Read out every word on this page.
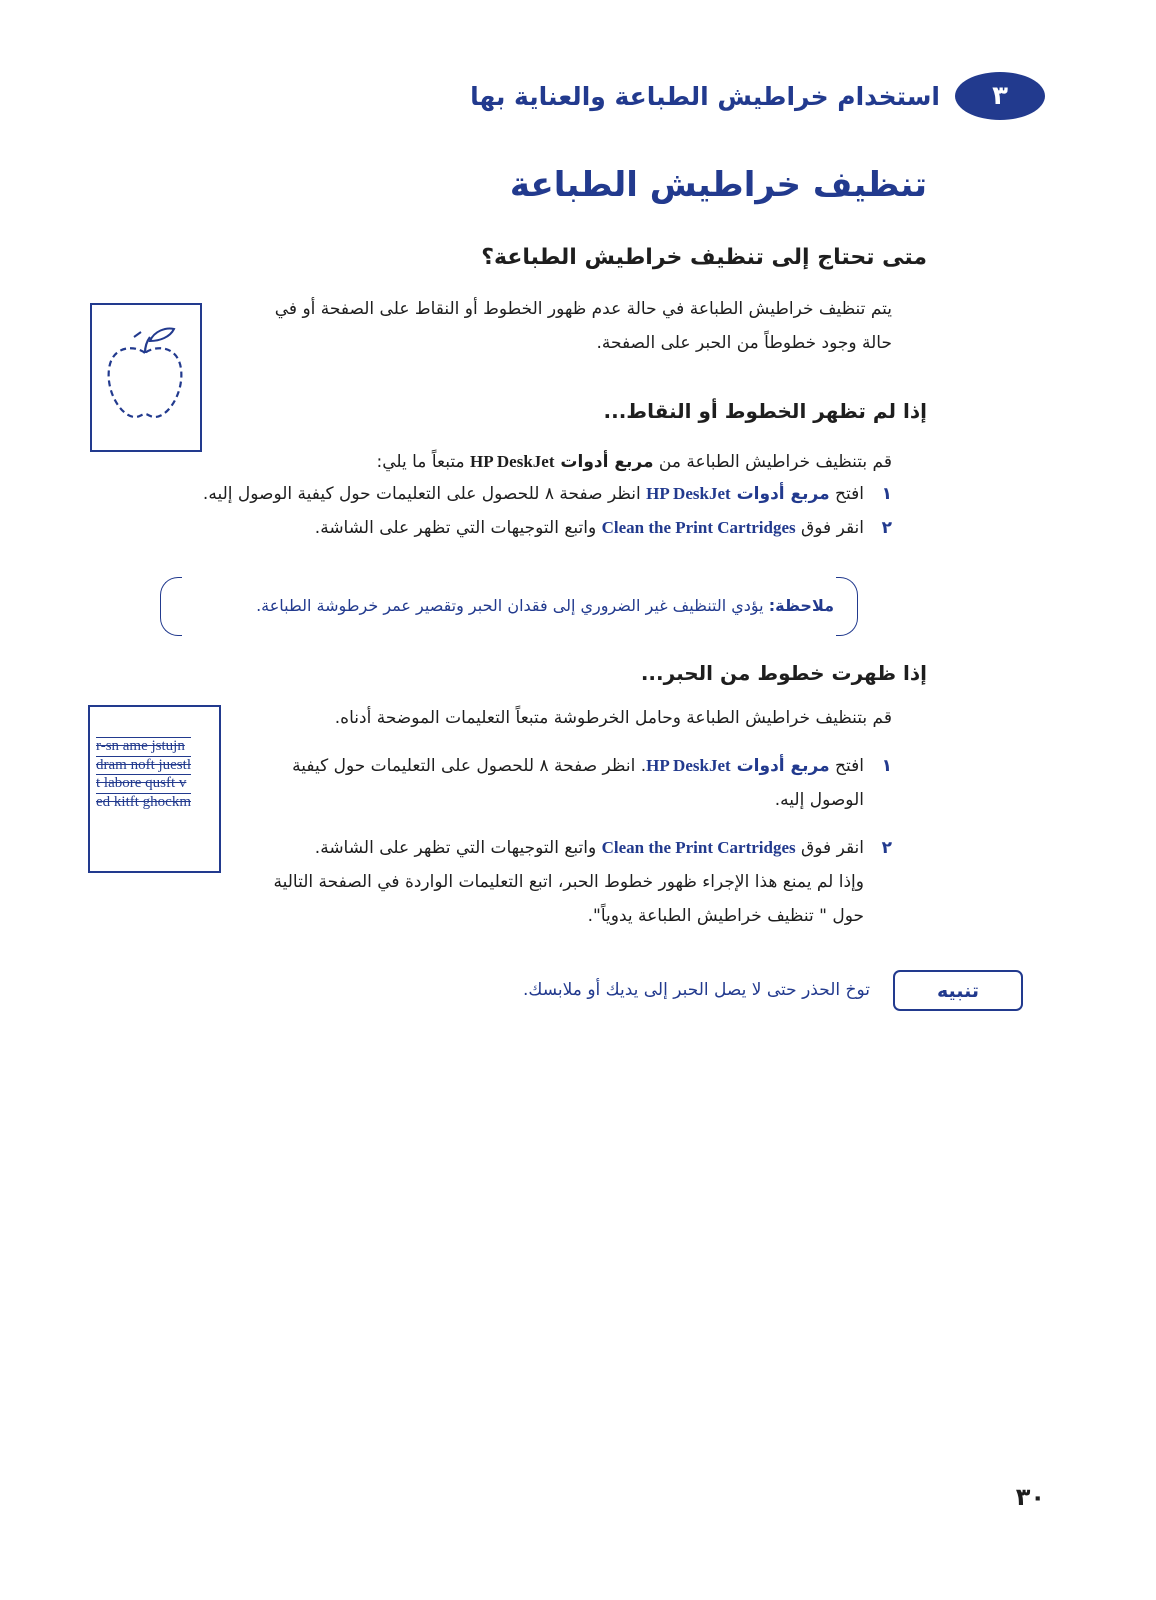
٣
استخدام خراطيش الطباعة والعناية بها
تنظيف خراطيش الطباعة
متى تحتاج إلى تنظيف خراطيش الطباعة؟
يتم تنظيف خراطيش الطباعة في حالة عدم ظهور الخطوط أو النقاط على الصفحة أو في حالة وجود خطوطاً من الحبر على الصفحة.
إذا لم تظهر الخطوط أو النقاط...
قم بتنظيف خراطيش الطباعة من مربع أدوات HP DeskJet متبعاً ما يلي:
١
افتح مربع أدوات HP DeskJet انظر صفحة ٨ للحصول على التعليمات حول كيفية الوصول إليه.
٢
انقر فوق Clean the Print Cartridges واتبع التوجيهات التي تظهر على الشاشة.
ملاحظة: يؤدي التنظيف غير الضروري إلى فقدان الحبر وتقصير عمر خرطوشة الطباعة.
إذا ظهرت خطوط من الحبر...
r-sn ame jstujn
dram noft juestl
t labore qusft v
ed kitft ghockm
قم بتنظيف خراطيش الطباعة وحامل الخرطوشة متبعاً التعليمات الموضحة أدناه.
١
افتح مربع أدوات HP DeskJet. انظر صفحة ٨ للحصول على التعليمات حول كيفية الوصول إليه.
٢
انقر فوق Clean the Print Cartridges واتبع التوجيهات التي تظهر على الشاشة.
وإذا لم يمنع هذا الإجراء ظهور خطوط الحبر، اتبع التعليمات الواردة في الصفحة التالية حول " تنظيف خراطيش الطباعة يدوياً".
تنبيه
توخ الحذر حتى لا يصل الحبر إلى يديك أو ملابسك.
٣٠
